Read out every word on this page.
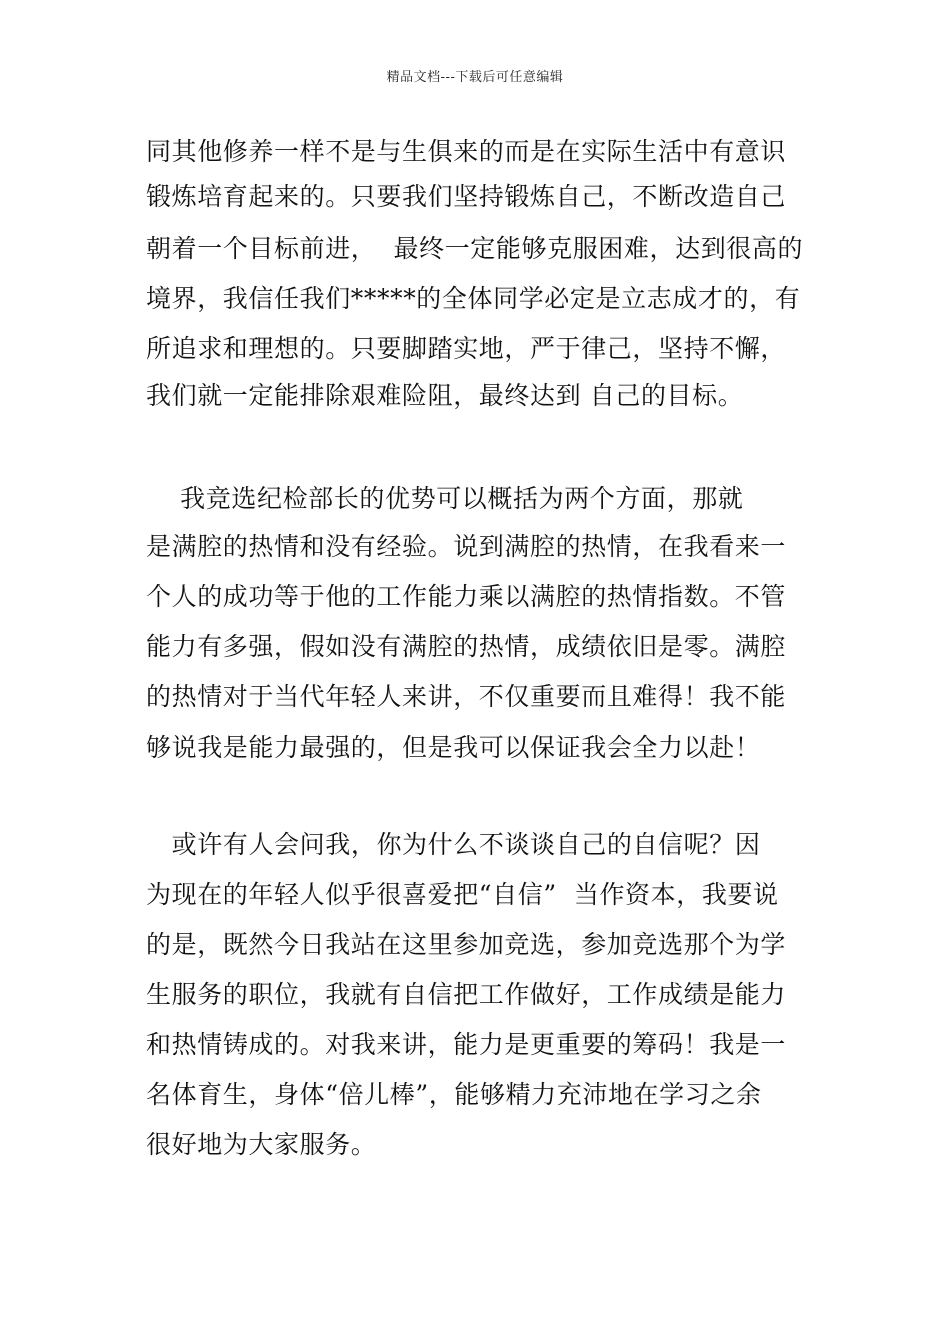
精品文档---下载后可任意编辑
同其他修养一样不是与生俱来的而是在实际生活中有意识
锻炼培育起来的。只要我们坚持锻炼自己，不断改造自己
朝着一个目标前进，  最终一定能够克服困难，达到很高的
境界，我信任我们*****的全体同学必定是立志成才的，有
所追求和理想的。只要脚踏实地，严于律己，坚持不懈，
我们就一定能排除艰难险阻，最终达到 自己的目标。
我竞选纪检部长的优势可以概括为两个方面，那就
是满腔的热情和没有经验。说到满腔的热情，在我看来一
个人的成功等于他的工作能力乘以满腔的热情指数。不管
能力有多强，假如没有满腔的热情，成绩依旧是零。满腔
的热情对于当代年轻人来讲，不仅重要而且难得！我不能
够说我是能力最强的，但是我可以保证我会全力以赴！
或许有人会问我，你为什么不谈谈自己的自信呢？因
为现在的年轻人似乎很喜爱把“自信”  当作资本，我要说
的是，既然今日我站在这里参加竞选，参加竞选那个为学
生服务的职位，我就有自信把工作做好，工作成绩是能力
和热情铸成的。对我来讲，能力是更重要的筹码！我是一
名体育生，身体“倍儿棒”，能够精力充沛地在学习之余
很好地为大家服务。
